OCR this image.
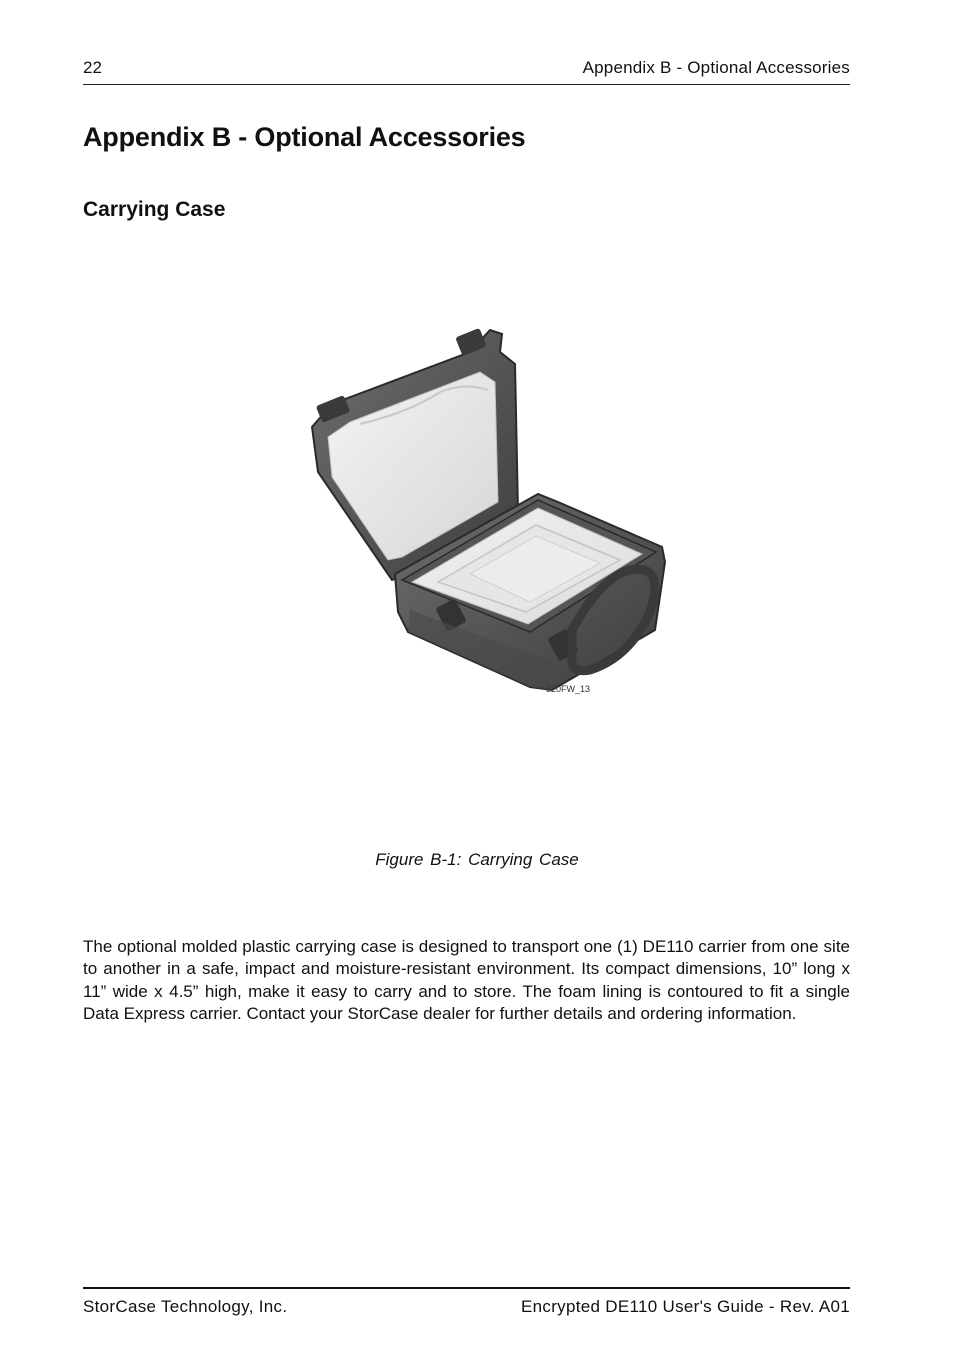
22	Appendix B - Optional Accessories
Appendix B - Optional Accessories
Carrying Case
320FW_13
Figure B-1: Carrying Case

The optional molded plastic carrying case is designed to transport one (1) DE110 carrier from one site to another in a safe, impact and moisture-resistant environment. Its compact dimensions, 10” long x 11” wide x 4.5” high, make it easy to carry and to store. The foam lining is contoured to fit a single Data Express carrier. Contact your StorCase dealer for further details and ordering information.

StorCase Technology, Inc.	Encrypted DE110 User's Guide - Rev. A01
